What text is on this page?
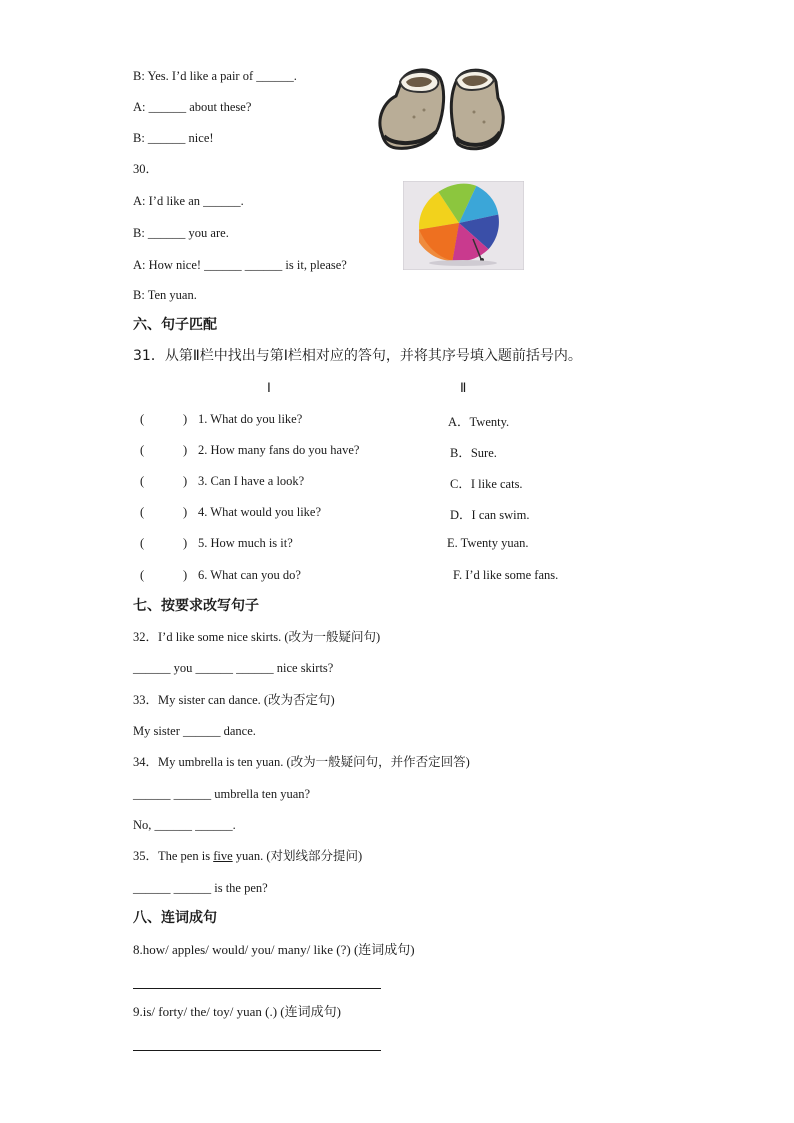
B: Yes. I’d like a pair of ______.
A: ______ about these?
B: ______ nice!
30．
A: I’d like an ______.
B: ______ you are.
A: How nice! ______ ______ is it, please?
B: Ten yuan.
六、句子匹配
31．从第Ⅱ栏中找出与第Ⅰ栏相对应的答句，并将其序号填入题前括号内。
Ⅰ	Ⅱ
(	) 1. What do you like?	A．Twenty.
(	) 2. How many fans do you have?	B．Sure.
(	) 3. Can I have a look?	C．I like cats.
(	) 4. What would you like?	D．I can swim.
(	) 5. How much is it?	E. Twenty yuan.
(	) 6. What can you do?	F. I’d like some fans.
七、按要求改写句子
32．I’d like some nice skirts. (改为一般疑问句)
______ you ______ ______ nice skirts?
33．My sister can dance. (改为否定句)
My sister ______ dance.
34．My umbrella is ten yuan. (改为一般疑问句，并作否定回答)
______ ______ umbrella ten yuan?
No, ______ ______.
35．The pen is five yuan. (对划线部分提问)
______ ______ is the pen?
八、连词成句
8.how/ apples/ would/ you/ many/ like (?) (连词成句)
9.is/ forty/ the/ toy/ yuan (.) (连词成句)
